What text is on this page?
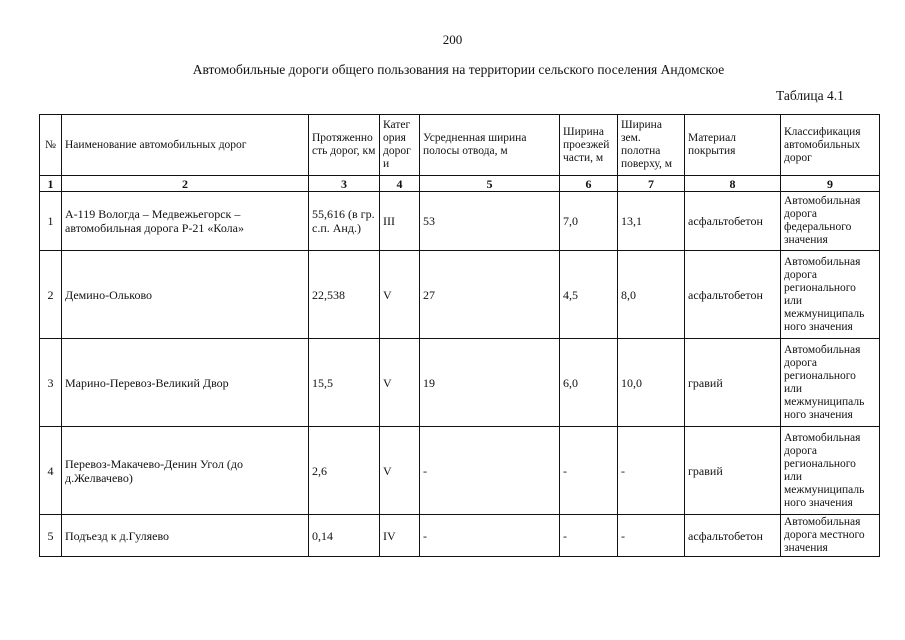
200
Автомобильные дороги общего пользования на территории сельского поселения Андомское
Таблица 4.1
№	Наименование автомобильных дорог	Протяженно сть дорог, км	Катег ория дорог и	Усредненная ширина полосы отвода, м	Ширина проезжей части, м	Ширина зем. полотна поверху, м	Материал покрытия	Классификация автомобильных дорог
1	2	3	4	5	6	7	8	9
1	А-119 Вологда – Медвежьегорск – автомобильная дорога Р-21 «Кола»	55,616 (в гр. с.п. Анд.)	III	53	7,0	13,1	асфальтобетон	Автомобильная дорога федерального значения
2	Демино-Ольково	22,538	V	27	4,5	8,0	асфальтобетон	Автомобильная дорога регионального или межмуниципаль ного значения
3	Марино-Перевоз-Великий Двор	15,5	V	19	6,0	10,0	гравий	Автомобильная дорога регионального или межмуниципаль ного значения
4	Перевоз-Макачево-Денин Угол (до д.Желвачево)	2,6	V	-	-	-	гравий	Автомобильная дорога регионального или межмуниципаль ного значения
5	Подъезд к д.Гуляево	0,14	IV	-	-	-	асфальтобетон	Автомобильная дорога местного значения
